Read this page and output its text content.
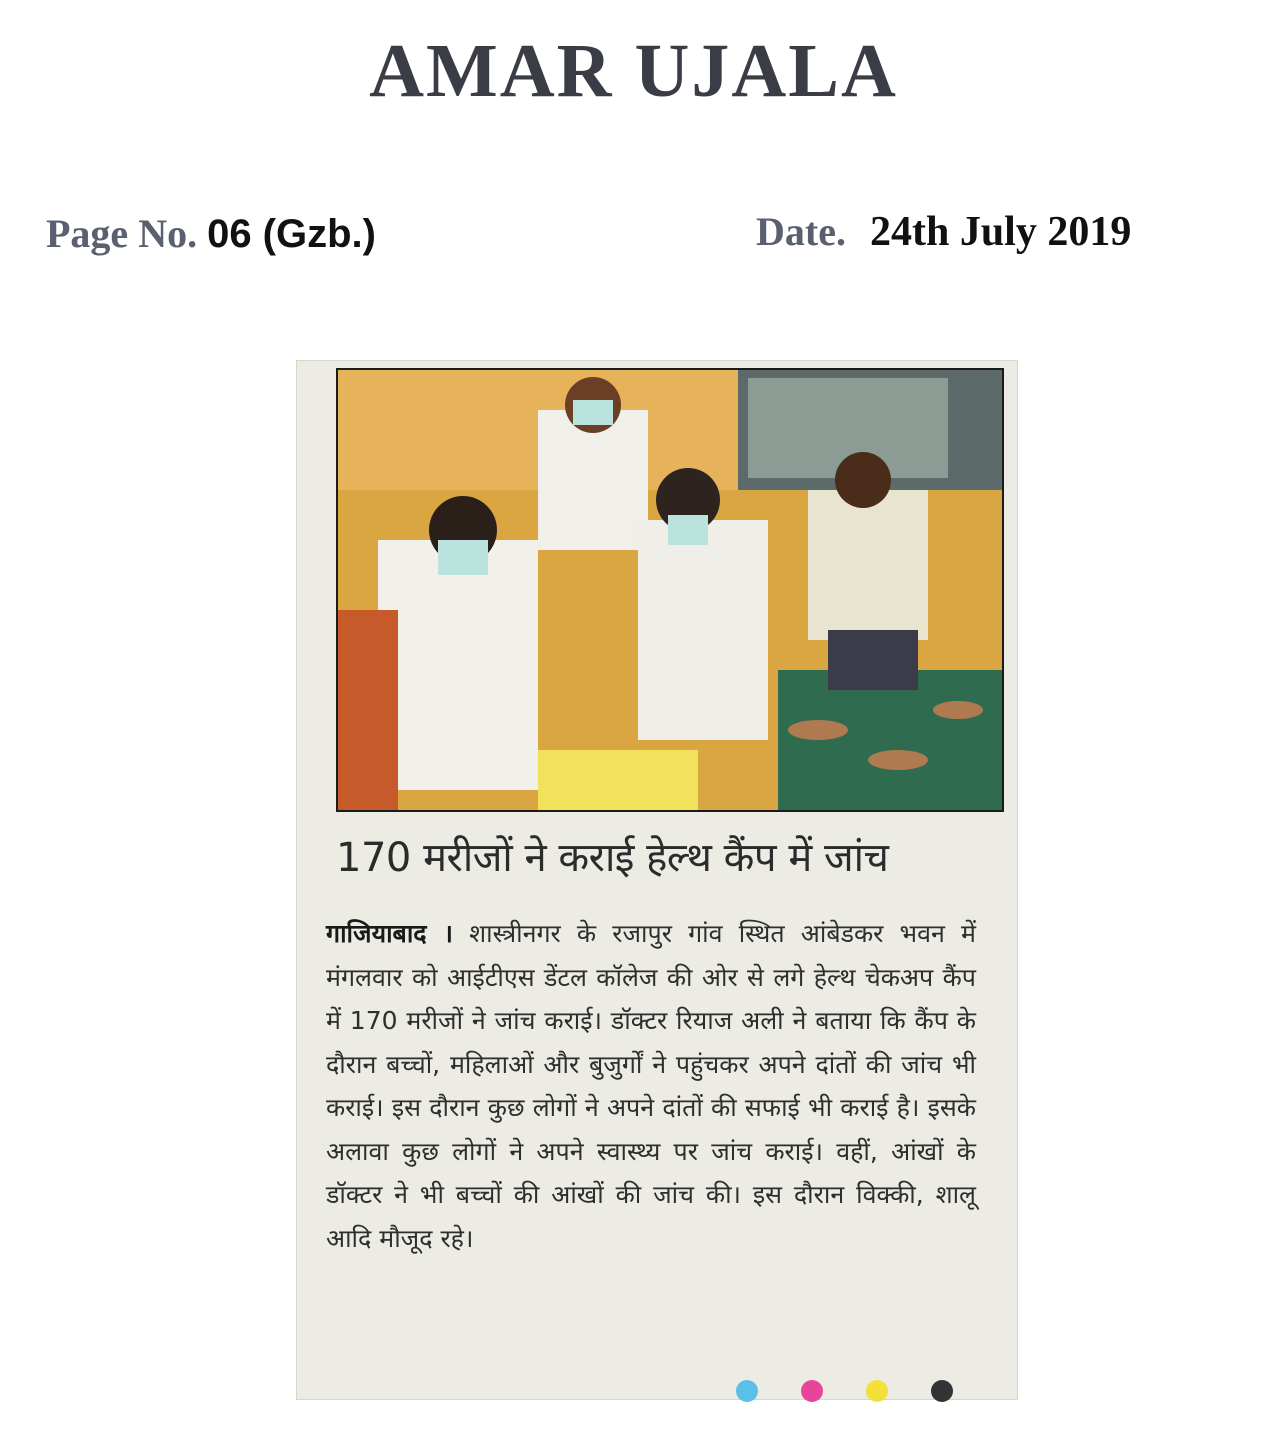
AMAR UJALA
Page No. 06 (Gzb.)	Date. 24th July 2019
170 मरीजों ने कराई हेल्थ कैंप में जांच
गाजियाबाद । शास्त्रीनगर के रजापुर गांव स्थित आंबेडकर भवन में मंगलवार को आईटीएस डेंटल कॉलेज की ओर से लगे हेल्थ चेकअप कैंप में 170 मरीजों ने जांच कराई। डॉक्टर रियाज अली ने बताया कि कैंप के दौरान बच्चों, महिलाओं और बुजुर्गों ने पहुंचकर अपने दांतों की जांच भी कराई। इस दौरान कुछ लोगों ने अपने दांतों की सफाई भी कराई है। इसके अलावा कुछ लोगों ने अपने स्वास्थ्य पर जांच कराई। वहीं, आंखों के डॉक्टर ने भी बच्चों की आंखों की जांच की। इस दौरान विक्की, शालू आदि मौजूद रहे।
